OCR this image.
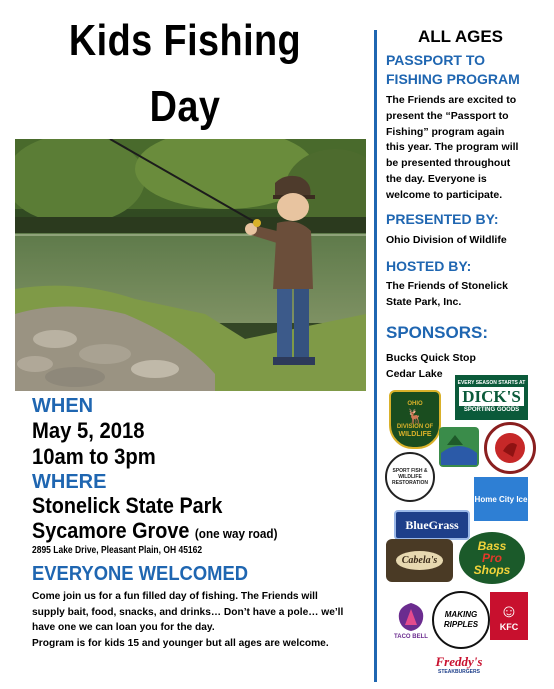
Kids Fishing
Day
WHEN
May 5, 2018
10am to 3pm
WHERE
Stonelick State Park
Sycamore Grove (one way road)
2895 Lake Drive, Pleasant Plain, OH 45162
EVERYONE WELCOMED
Come join us for a fun filled day of fishing. The Friends will
supply bait, food, snacks, and drinks… Don’t have a pole… we’ll
have one we can loan you for the day.
Program is for kids 15 and younger but all ages are welcome.
ALL AGES
PASSPORT TO
FISHING PROGRAM
The Friends are excited to
present the “Passport to
Fishing” program again
this year. The program will
be presented throughout
the day. Everyone is
welcome to participate.
PRESENTED BY:
Ohio Division of Wildlife
HOSTED BY:
The Friends of Stonelick
State Park, Inc.
SPONSORS:
Bucks Quick Stop
Cedar Lake
OHIO
🦌
DIVISION OF
WILDLIFE
EVERY SEASON STARTS AT
DICK'S
SPORTING GOODS
SPORT FISH & WILDLIFE RESTORATION
Home City Ice
BlueGrass
Cabela's
Bass
Pro
Shops
TACO BELL
MAKING
RIPPLES
☺
KFC
Freddy's
STEAKBURGERS
